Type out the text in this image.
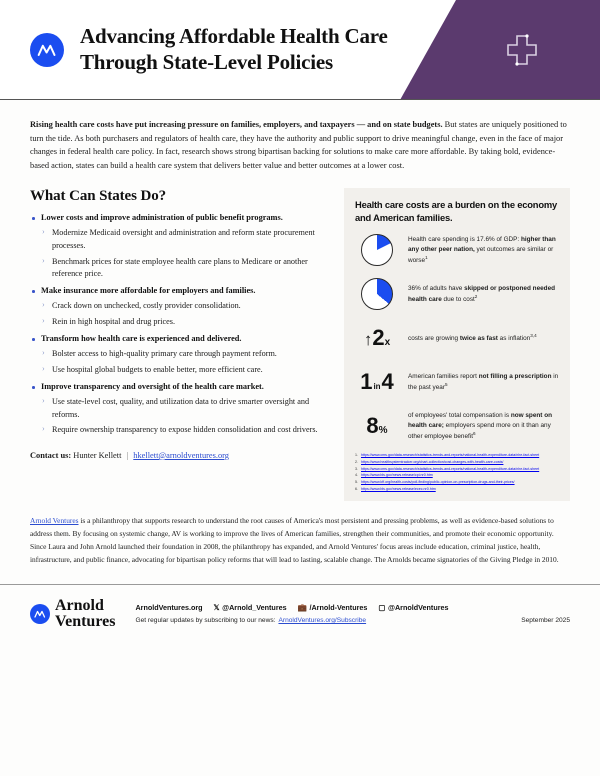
Advancing Affordable Health Care
Through State-Level Policies

Rising health care costs have put increasing pressure on families, employers, and taxpayers — and on state budgets. But states are uniquely positioned to turn the tide. As both purchasers and regulators of health care, they have the authority and public support to drive meaningful change, even in the face of major changes in federal health care policy. In fact, research shows strong bipartisan backing for solutions to make care more affordable. By taking bold, evidence-based action, states can build a health care system that delivers better value and better outcomes at a lower cost.

What Can States Do?
Lower costs and improve administration of public benefit programs.
› Modernize Medicaid oversight and administration and reform state procurement processes.
› Benchmark prices for state employee health care plans to Medicare or another reference price.
Make insurance more affordable for employers and families.
› Crack down on unchecked, costly provider consolidation.
› Rein in high hospital and drug prices.
Transform how health care is experienced and delivered.
› Bolster access to high-quality primary care through payment reform.
› Use hospital global budgets to enable better, more efficient care.
Improve transparency and oversight of the health care market.
› Use state-level cost, quality, and utilization data to drive smarter oversight and reforms.
› Require ownership transparency to expose hidden consolidation and cost drivers.
Contact us: Hunter Kellett | hkellett@arnoldventures.org
Health care costs are a burden on the economy and American families.
Health care spending is 17.6% of GDP: higher than any other peer nation, yet outcomes are similar or worse$^1$
36% of adults have skipped or postponed needed health care due to cost$^2$
↑ 2 x	costs are growing twice as fast as inflation$^{3,4}$
1 in 4 American families report not filling a prescription in the past year$^5$
8 %
of employees' total compensation is now spent on health care; employers spend more on it than any other employee benefit$^6$
1. https://www.cms.gov/data-research/statistics-trends-and-reports/national-health-expenditure-data/nhe-fact-sheet
2. https://www.healthsystemtracker.org/chart-collection/cost-changes-with-health-care-costs/
3. https://www.cms.gov/data-research/statistics-trends-and-reports/national-health-expenditure-data/nhe-fact-sheet
4. https://www.bls.gov/news.release/cpi.nr0.htm
5. https://www.kff.org/health-costs/poll-finding/public-opinion-on-prescription-drugs-and-their-prices/
6. https://www.bls.gov/news.release/ecec.nr0.htm

Arnold Ventures is a philanthropy that supports research to understand the root causes of America's most persistent and pressing problems, as well as evidence-based solutions to address them. By focusing on systemic change, AV is working to improve the lives of American families, strengthen their communities, and promote their economic opportunity. Since Laura and John Arnold launched their foundation in 2008, the philanthropy has expanded, and Arnold Ventures' focus areas include education, criminal justice, health, infrastructure, and public finance, advocating for bipartisan policy reforms that will lead to lasting, scalable change. The Arnolds became signatories of the Giving Pledge in 2010.

Arnold
Ventures
ArnoldVentures.org 𝕏 @Arnold_Ventures 💼 /Arnold-Ventures ▢ @ArnoldVentures
Get regular updates by subscribing to our news: ArnoldVentures.org/Subscribe	September 2025
